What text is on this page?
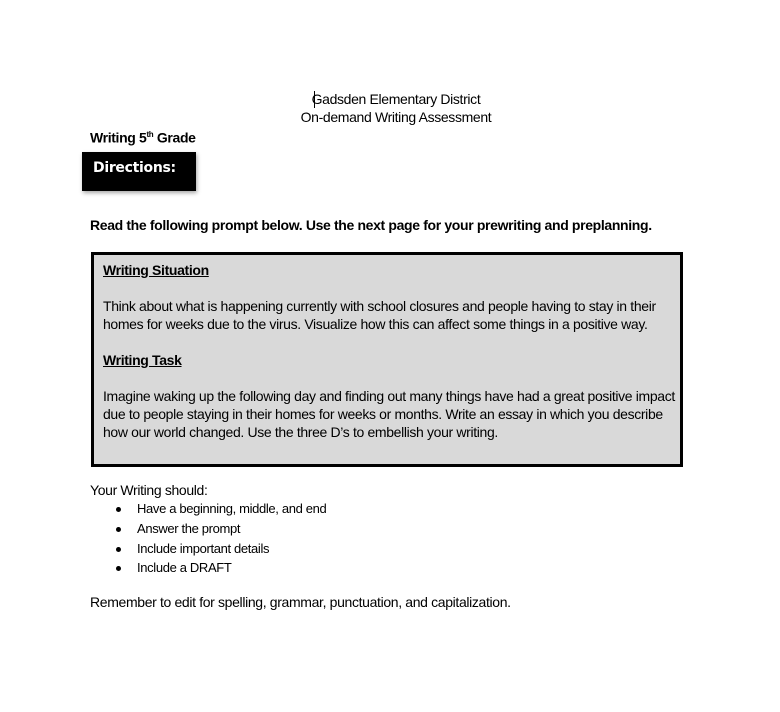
Gadsden Elementary District
On-demand Writing Assessment
Writing 5th Grade
Directions:
Read the following prompt below. Use the next page for your prewriting and preplanning.
Writing Situation
Think about what is happening currently with school closures and people having to stay in their
homes for weeks due to the virus. Visualize how this can affect some things in a positive way.
Writing Task
Imagine waking up the following day and finding out many things have had a great positive impact
due to people staying in their homes for weeks or months. Write an essay in which you describe
how our world changed. Use the three D’s to embellish your writing.
Your Writing should:
Have a beginning, middle, and end
Answer the prompt
Include important details
Include a DRAFT
Remember to edit for spelling, grammar, punctuation, and capitalization.
